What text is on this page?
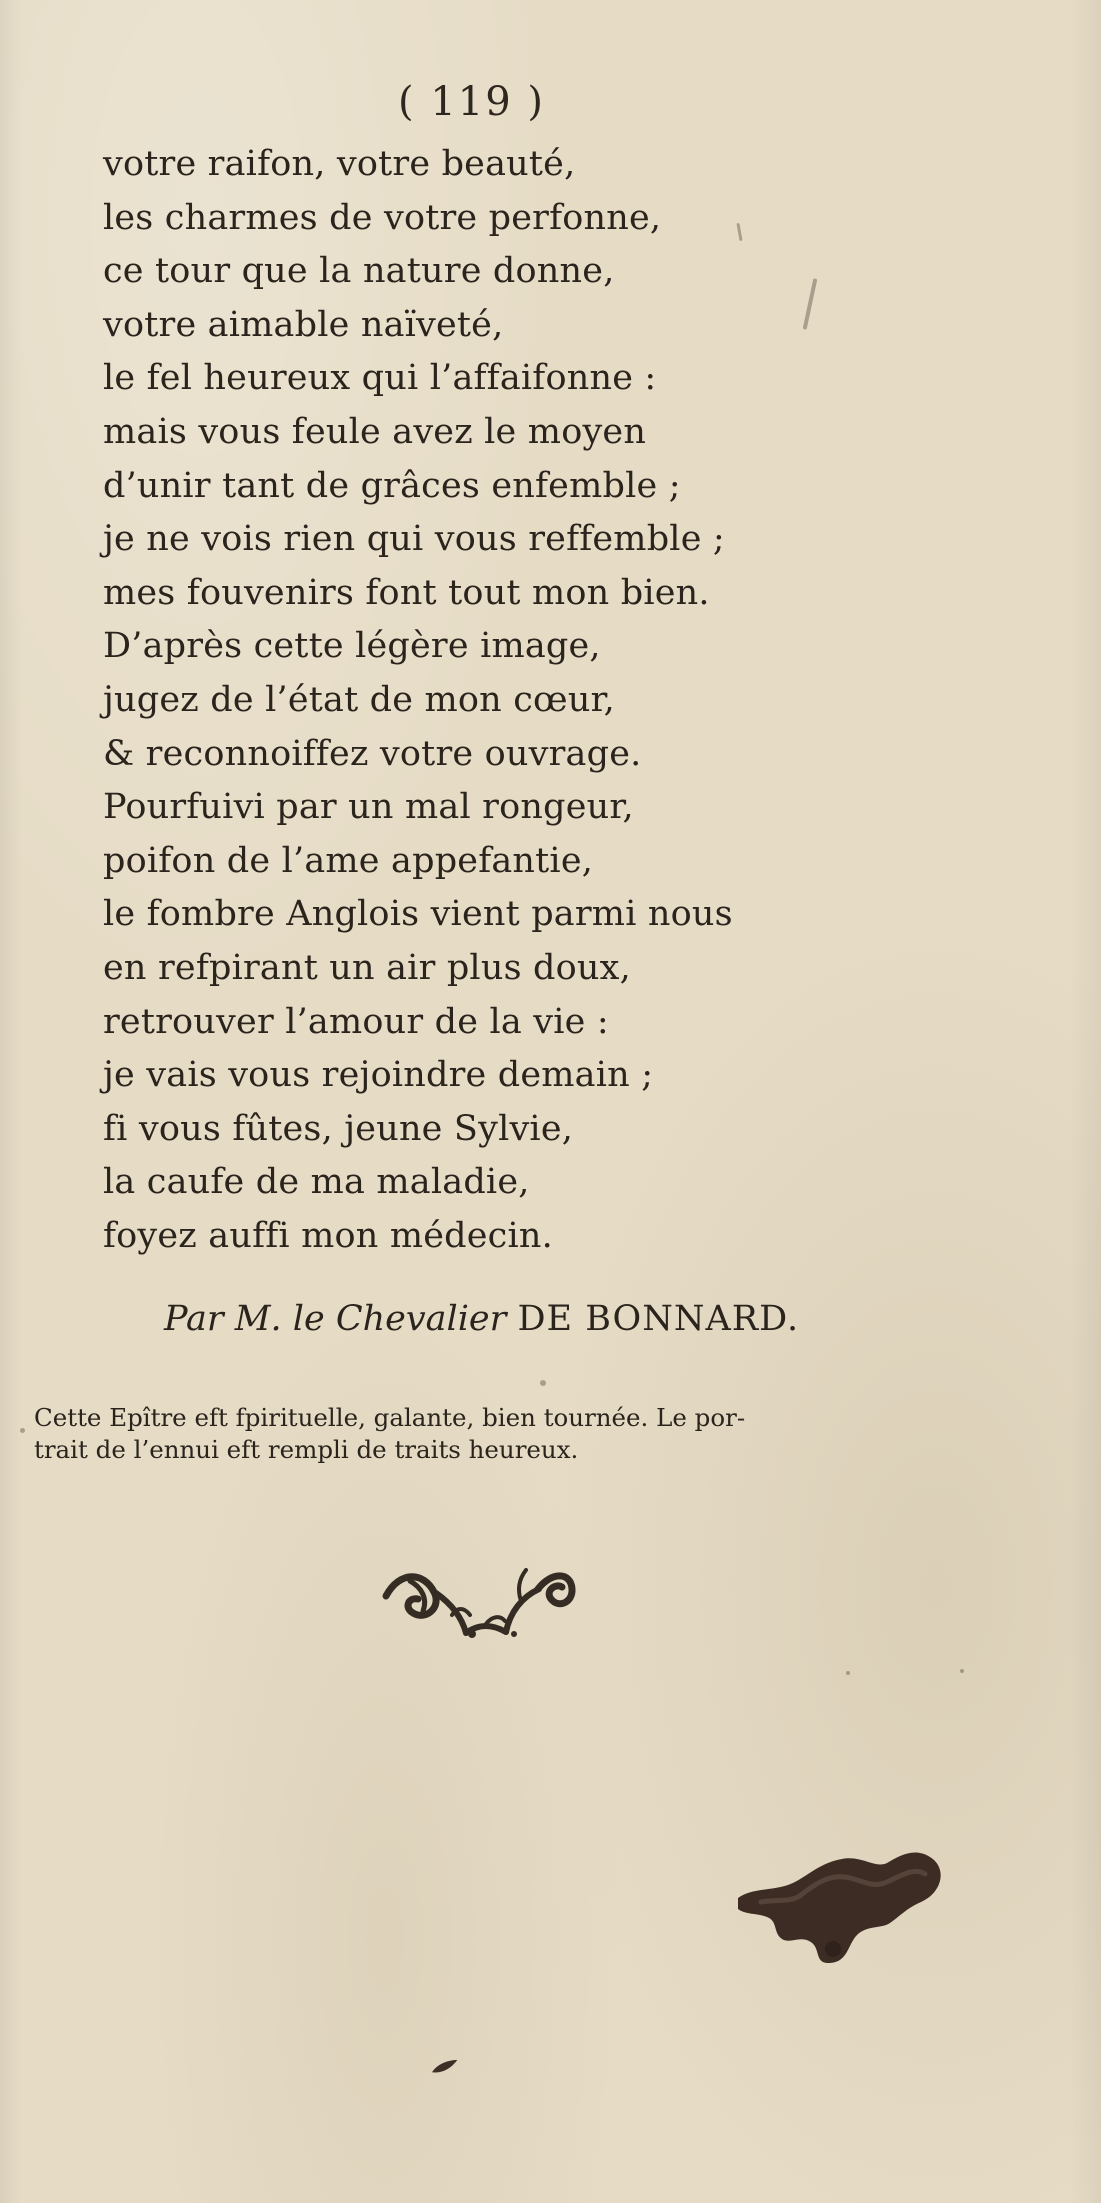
( 119 )
votre raifon, votre beauté,
les charmes de votre perfonne,
ce tour que la nature donne,
votre aimable naïveté,
le fel heureux qui l’affaifonne :
mais vous feule avez le moyen
d’unir tant de grâces enfemble ;
je ne vois rien qui vous reffemble ;
mes fouvenirs font tout mon bien.
D’après cette légère image,
jugez de l’état de mon cœur,
& reconnoiffez votre ouvrage.
Pourfuivi par un mal rongeur,
poifon de l’ame appefantie,
le fombre Anglois vient parmi nous
en refpirant un air plus doux,
retrouver l’amour de la vie :
je vais vous rejoindre demain ;
fi vous fûtes, jeune Sylvie,
la caufe de ma maladie,
foyez auffi mon médecin.
Par M. le Chevalier DE BONNARD.
Cette Epître eft fpirituelle, galante, bien tournée. Le por-
trait de l’ennui eft rempli de traits heureux.
